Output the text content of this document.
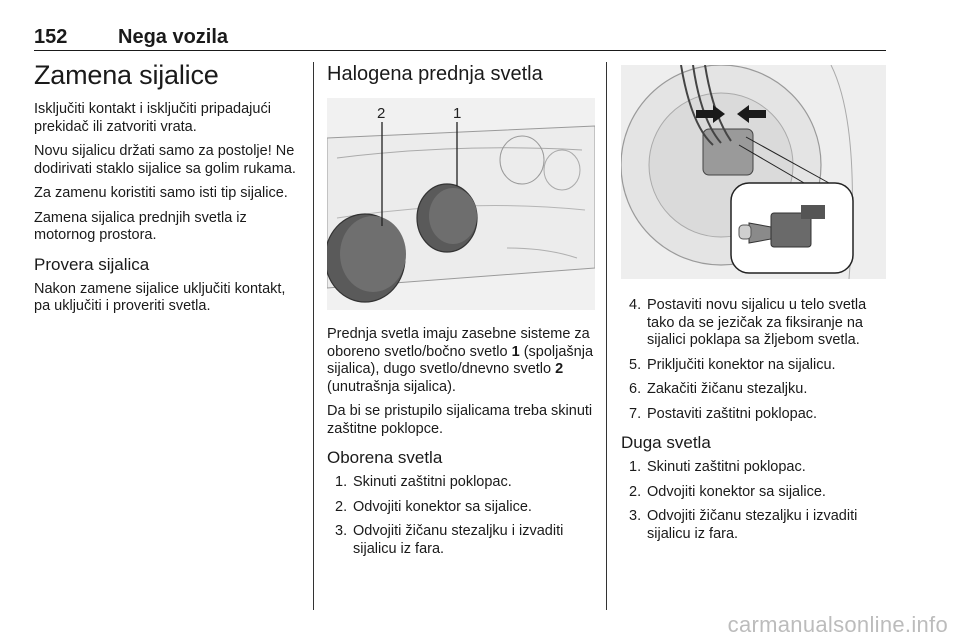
152	Nega vozila
Zamena sijalice

Isključiti kontakt i isključiti pripadajući prekidač ili zatvoriti vrata.

Novu sijalicu držati samo za postolje! Ne dodirivati staklo sijalice sa golim rukama.

Za zamenu koristiti samo isti tip sijalice.

Zamena sijalica prednjih svetla iz motornog prostora.

Provera sijalica

Nakon zamene sijalice uključiti kontakt, pa uključiti i proveriti svetla.

Halogena prednja svetla
2	1

Prednja svetla imaju zasebne sisteme za oboreno svetlo/bočno svetlo 1 (spoljašnja sijalica), dugo svetlo/dnevno svetlo 2 (unutrašnja sijalica).

Da bi se pristupilo sijalicama treba skinuti zaštitne poklopce.

Oborena svetla
1. Skinuti zaštitni poklopac.
2. Odvojiti konektor sa sijalice.
3. Odvojiti žičanu stezaljku i izvaditi sijalicu iz fara.
4. Postaviti novu sijalicu u telo svetla tako da se jezičak za fiksiranje na sijalici poklapa sa žljebom svetla.
5. Priključiti konektor na sijalicu.
6. Zakačiti žičanu stezaljku.
7. Postaviti zaštitni poklopac.
Duga svetla
1. Skinuti zaštitni poklopac.
2. Odvojiti konektor sa sijalice.
3. Odvojiti žičanu stezaljku i izvaditi sijalicu iz fara.
carmanualsonline.info
